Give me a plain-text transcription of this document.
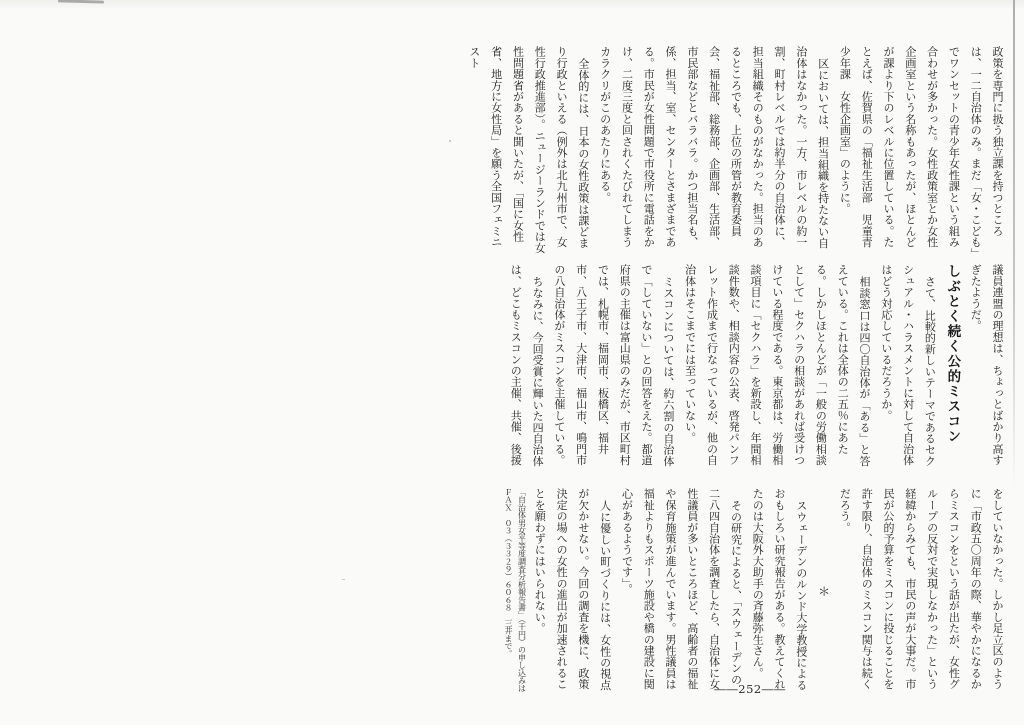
政策を専門に扱う独立課を持つところは、一二自治体のみ。まだ「女・こども」でワンセットの青少年女性課という組み合わせが多かった。女性政策室とか女性企画室という名称もあったが、ほとんどが課より下のレベルに位置している。たとえば、佐賀県の「福祉生活部　児童青少年課　女性企画室」のように。

区においては、担当組織を持たない自治体はなかった。一方、市レベルの約一割、町村レベルでは約半分の自治体に、担当組織そのものがなかった。担当のあるところでも、上位の所管が教育委員会、福祉部、総務部、企画部、生活部、市民部などとバラバラ。かつ担当名も、係、担当、室、センターとさまざまである。市民が女性問題で市役所に電話をかけ、二度三度と回されくたびれてしまうカラクリがこのあたりにある。

全体的には、日本の女性政策は課どまり行政といえる（例外は北九州市で、女性行政推進部）。ニュージーランドでは女性問題省があると聞いたが、「国に女性省、地方に女性局」を願う全国フェミニスト

議員連盟の理想は、ちょっとばかり高すぎたようだ。

しぶとく続く公的ミスコン

さて、比較的新しいテーマであるセクシュアル・ハラスメントに対して自治体はどう対応しているだろうか。

相談窓口は四〇自治体が「ある」と答えている。これは全体の二五％にあたる。しかしほとんどが「一般の労働相談として」セクハラの相談があれば受けつけている程度である。東京都は、労働相談項目に「セクハラ」を新設し、年間相談件数や、相談内容の公表、啓発パンフレット作成まで行なっているが、他の自治体はそこまでには至っていない。

ミスコンについては、約六割の自治体で「していない」との回答をえた。都道府県の主催は富山県のみだが、市区町村では、札幌市、福岡市、板橋区、福井市、八王子市、大津市、福山市、鳴門市の八自治体がミスコンを主催している。

ちなみに、今回受賞に輝いた四自治体は、どこもミスコンの主催、共催、後援

をしていなかった。しかし足立区のように「市政五〇周年の際、華やかになるからミスコンをという話が出たが、女性グループの反対で実現しなかった」という経緯からみても、市民の声が大事だ。市民が公的予算をミスコンに投じることを許す限り、自治体のミスコン関与は続くだろう。

＊

スウェーデンのルンド大学教授によるおもしろい研究報告がある。教えてくれたのは大阪外大助手の斉藤弥生さん。

その研究によると、「スウェーデンの二八四自治体を調査したら、自治体に女性議員が多いところほど、高齢者の福祉や保育施策が進んでいます。男性議員は福祉よりもスポーツ施設や橋の建設に関心があるようです」。

人に優しい町づくりには、女性の視点が欠かせない。今回の調査を機に、政策決定の場への女性の進出が加速されることを願わずにはいられない。

「自治体男女平等度調査分析報告書」（千円）の申し込みは　ＦＡＸ　０３（３３２９）６０６８　三井まで。

――252――
